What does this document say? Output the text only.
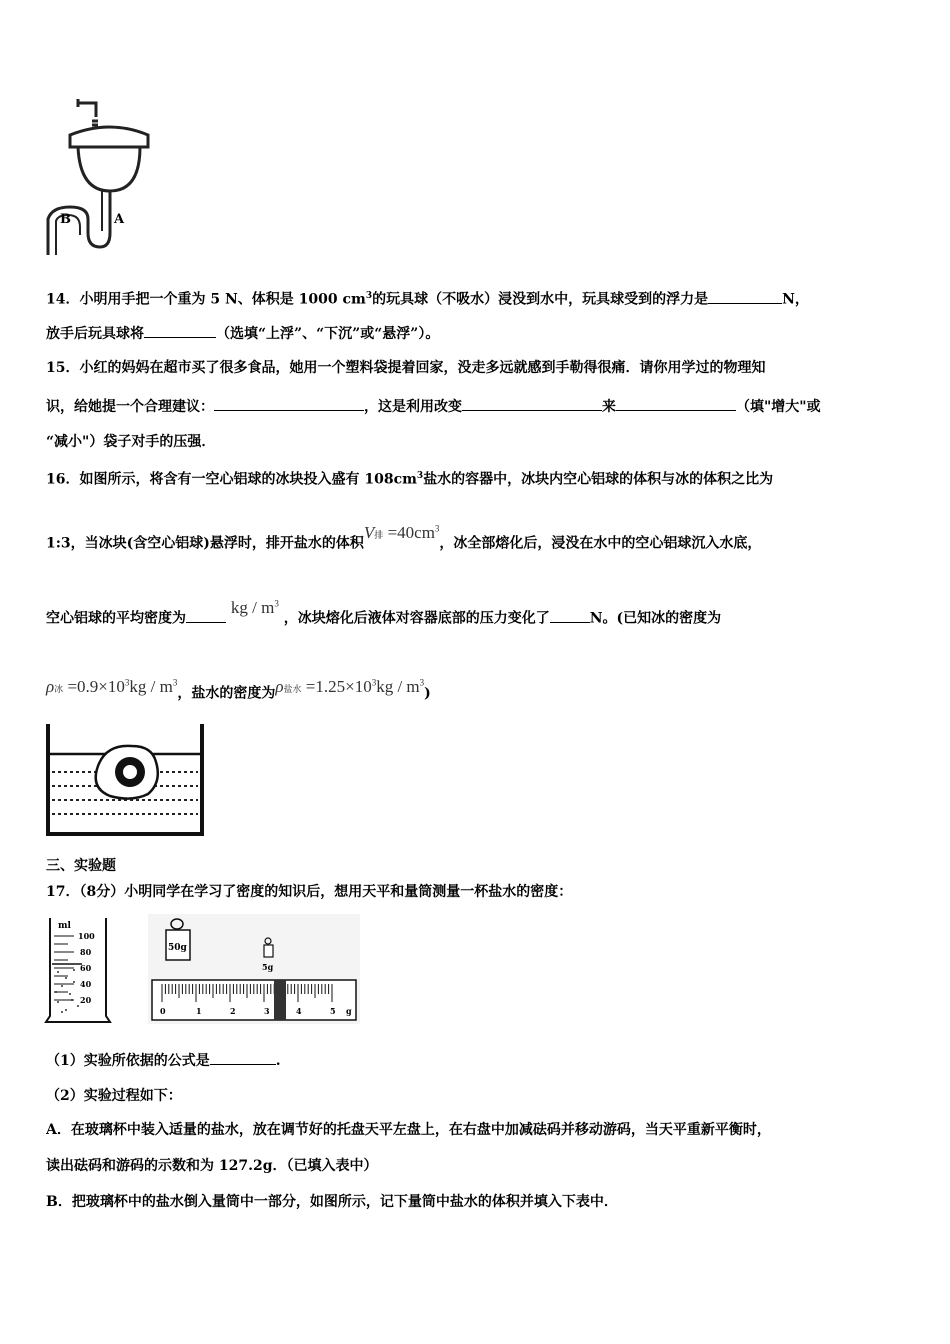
B	A
14．小明用手把一个重为 5 N、体积是 1000 $cm^3$的玩具球（不吸水）浸没到水中，玩具球受到的浮力是	N，
放手后玩具球将	（选填“上浮”、“下沉”或“悬浮”）。
15．小红的妈妈在超市买了很多食品，她用一个塑料袋提着回家，没走多远就感到手勒得很痛．请你用学过的物理知
识，给她提一个合理建议：	，这是利用改变	来	（填"增大"或
“减小"）袋子对手的压强．
16．如图所示，将含有一空心铝球的冰块投入盛有 $108cm^3$盐水的容器中，冰块内空心铝球的体积与冰的体积之比为
1:3，当冰块(含空心铝球)悬浮时，排开盐水的体积V排 $=40cm^3$，冰全部熔化后，浸没在水中的空心铝球沉入水底，
空心铝球的平均密度为 kg / $m^3$ ，冰块熔化后液体对容器底部的压力变化了	N。(已知冰的密度为
ρ冰 $=0.9\times 10^3kg / m^3$，盐水的密度为ρ盐水 $=1.25\times 10^3kg / m^3$)
三、实验题
17．（8分）小明同学在学习了密度的知识后，想用天平和量筒测量一杯盐水的密度：
ml
100
80
60
40
20
50g
5g
0	1	2	3	4	5 g
（1）实验所依据的公式是	.
（2）实验过程如下：
A．在玻璃杯中装入适量的盐水，放在调节好的托盘天平左盘上，在右盘中加减砝码并移动游码，当天平重新平衡时，
读出砝码和游码的示数和为 127.2g．（已填入表中）
B．把玻璃杯中的盐水倒入量筒中一部分，如图所示，记下量筒中盐水的体积并填入下表中．
